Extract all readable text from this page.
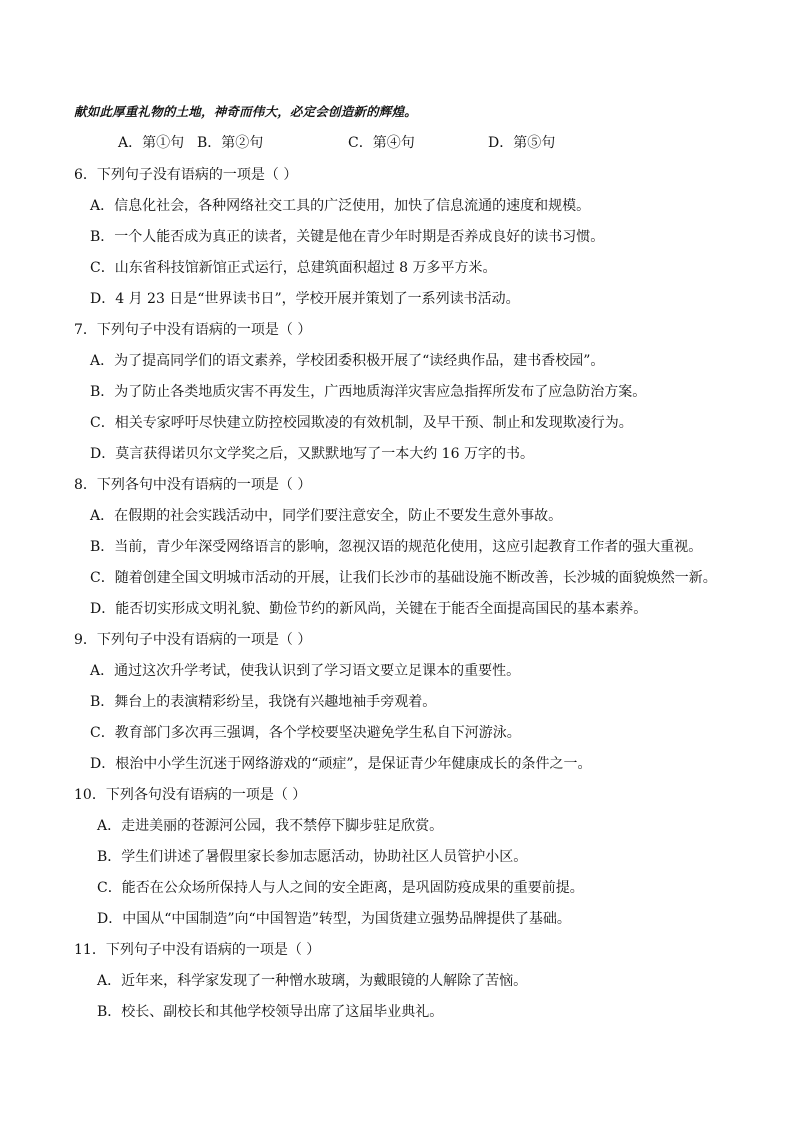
献如此厚重礼物的土地，神奇而伟大，必定会创造新的辉煌。
A．第①句 B．第②句	C．第④句	D．第⑤句
6．下列句子没有语病的一项是（ ）
A．信息化社会，各种网络社交工具的广泛使用，加快了信息流通的速度和规模。
B．一个人能否成为真正的读者，关键是他在青少年时期是否养成良好的读书习惯。
C．山东省科技馆新馆正式运行，总建筑面积超过 8 万多平方米。
D．4 月 23 日是“世界读书日”，学校开展并策划了一系列读书活动。
7．下列句子中没有语病的一项是（ ）
A．为了提高同学们的语文素养，学校团委积极开展了“读经典作品，建书香校园”。
B．为了防止各类地质灾害不再发生，广西地质海洋灾害应急指挥所发布了应急防治方案。
C．相关专家呼吁尽快建立防控校园欺凌的有效机制，及早干预、制止和发现欺凌行为。
D．莫言获得诺贝尔文学奖之后，又默默地写了一本大约 16 万字的书。
8．下列各句中没有语病的一项是（ ）
A．在假期的社会实践活动中，同学们要注意安全，防止不要发生意外事故。
B．当前，青少年深受网络语言的影响，忽视汉语的规范化使用，这应引起教育工作者的强大重视。
C．随着创建全国文明城市活动的开展，让我们长沙市的基础设施不断改善，长沙城的面貌焕然一新。
D．能否切实形成文明礼貌、勤俭节约的新风尚，关键在于能否全面提高国民的基本素养。
9．下列句子中没有语病的一项是（ ）
A．通过这次升学考试，使我认识到了学习语文要立足课本的重要性。
B．舞台上的表演精彩纷呈，我饶有兴趣地袖手旁观着。
C．教育部门多次再三强调，各个学校要坚决避免学生私自下河游泳。
D．根治中小学生沉迷于网络游戏的“顽症”，是保证青少年健康成长的条件之一。
10．下列各句没有语病的一项是（ ）
A．走进美丽的苍源河公园，我不禁停下脚步驻足欣赏。
B．学生们讲述了暑假里家长参加志愿活动，协助社区人员管护小区。
C．能否在公众场所保持人与人之间的安全距离，是巩固防疫成果的重要前提。
D．中国从“中国制造”向“中国智造”转型，为国货建立强势品牌提供了基础。
11．下列句子中没有语病的一项是（ ）
A．近年来，科学家发现了一种憎水玻璃，为戴眼镜的人解除了苦恼。
B．校长、副校长和其他学校领导出席了这届毕业典礼。
